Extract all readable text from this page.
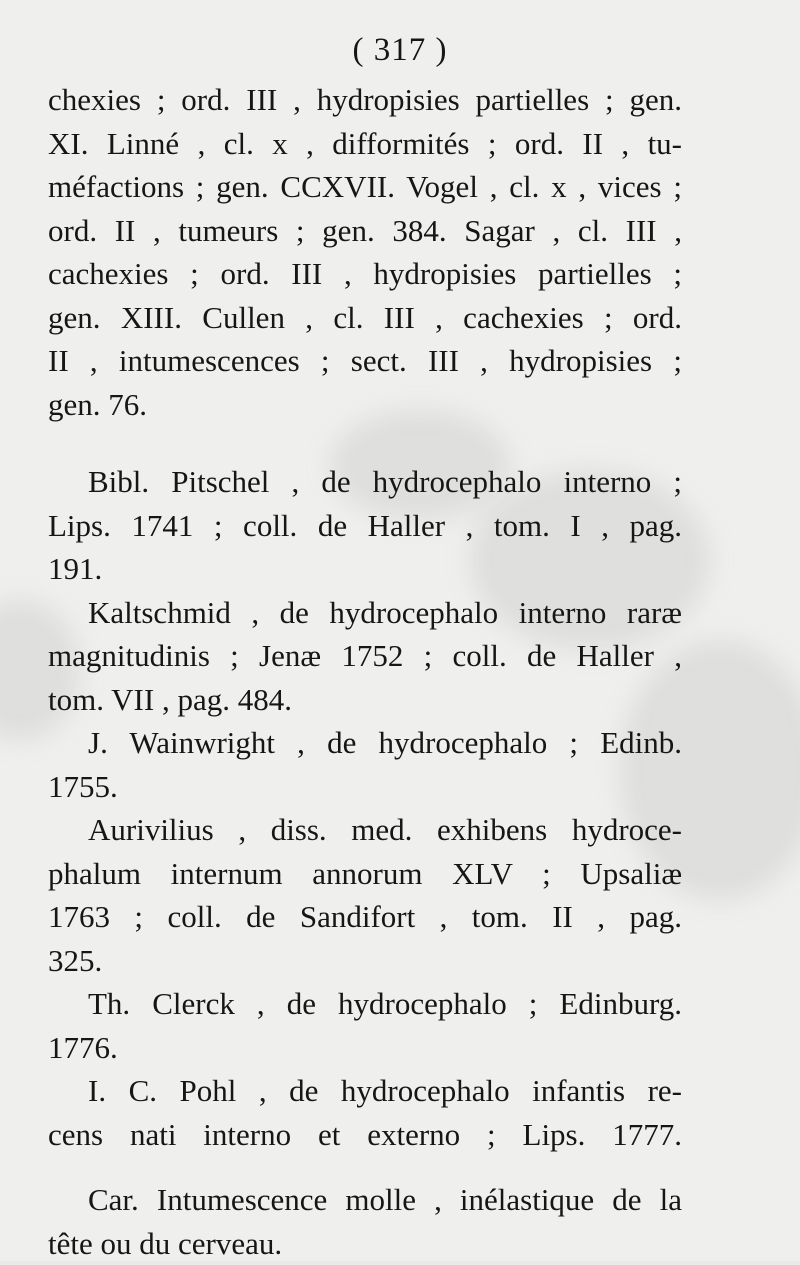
( 317 )
chexies ; ord. III , hydropisies partielles ; gen.
XI. Linné , cl. x , difformités ; ord. II , tu-
méfactions ; gen. CCXVII. Vogel , cl. x , vices ;
ord. II , tumeurs ; gen. 384. Sagar , cl. III ,
cachexies ; ord. III , hydropisies partielles ;
gen. XIII. Cullen , cl. III , cachexies ; ord.
II , intumescences ; sect. III , hydropisies ;
gen. 76.
Bibl. Pitschel , de hydrocephalo interno ;
Lips. 1741 ; coll. de Haller , tom. I , pag.
191.
Kaltschmid , de hydrocephalo interno raræ
magnitudinis ; Jenæ 1752 ; coll. de Haller ,
tom. VII , pag. 484.
J. Wainwright , de hydrocephalo ; Edinb.
1755.
Aurivilius , diss. med. exhibens hydroce-
phalum internum annorum XLV ; Upsaliæ
1763 ; coll. de Sandifort , tom. II , pag.
325.
Th. Clerck , de hydrocephalo ; Edinburg.
1776.
I. C. Pohl , de hydrocephalo infantis re-
cens nati interno et externo ; Lips. 1777.
Car. Intumescence molle , inélastique de la
tête ou du cerveau.
